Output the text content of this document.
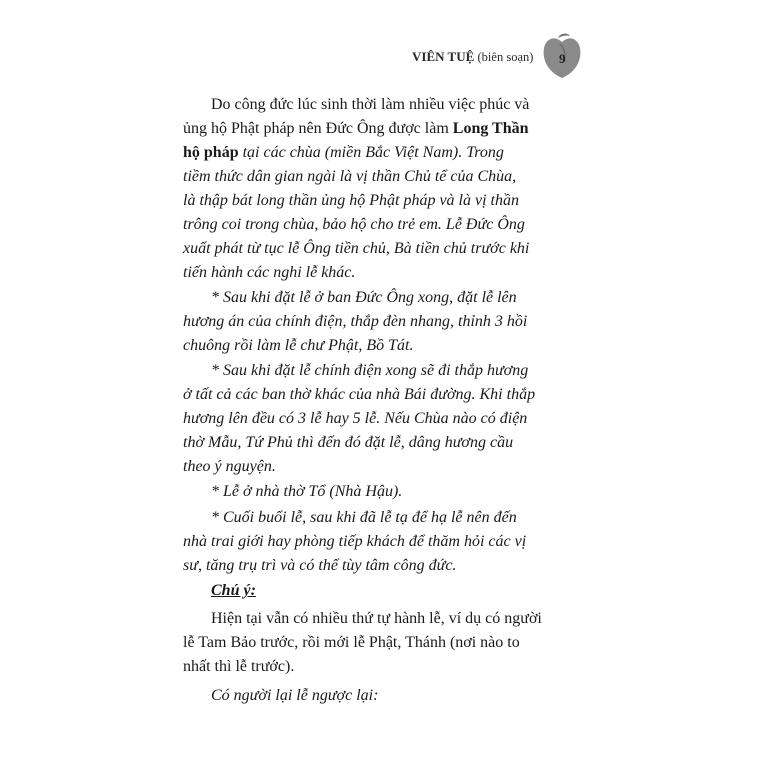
VIÊN TUỆ (biên soạn) 9
Do công đức lúc sinh thời làm nhiều việc phúc và
ủng hộ Phật pháp nên Đức Ông được làm Long Thần
hộ pháp tại các chùa (miền Bắc Việt Nam). Trong
tiềm thức dân gian ngài là vị thần Chủ tể của Chùa,
là thập bát long thần ủng hộ Phật pháp và là vị thần
trông coi trong chùa, bảo hộ cho trẻ em. Lễ Đức Ông
xuất phát từ tục lễ Ông tiền chủ, Bà tiền chủ trước khi
tiến hành các nghi lễ khác.
* Sau khi đặt lễ ở ban Đức Ông xong, đặt lễ lên
hương án của chính điện, thắp đèn nhang, thỉnh 3 hồi
chuông rồi làm lễ chư Phật, Bồ Tát.
* Sau khi đặt lễ chính điện xong sẽ đi thắp hương
ở tất cả các ban thờ khác của nhà Bái đường. Khi thắp
hương lên đều có 3 lễ hay 5 lễ. Nếu Chùa nào có điện
thờ Mẫu, Tứ Phủ thì đến đó đặt lễ, dâng hương cầu
theo ý nguyện.
* Lễ ở nhà thờ Tổ (Nhà Hậu).
* Cuối buổi lễ, sau khi đã lễ tạ để hạ lễ nên đến
nhà trai giới hay phòng tiếp khách để thăm hỏi các vị
sư, tăng trụ trì và có thể tùy tâm công đức.
Chú ý:
Hiện tại vẫn có nhiều thứ tự hành lễ, ví dụ có người
lễ Tam Bảo trước, rồi mới lễ Phật, Thánh (nơi nào to
nhất thì lễ trước).
Có người lại lễ ngược lại:
